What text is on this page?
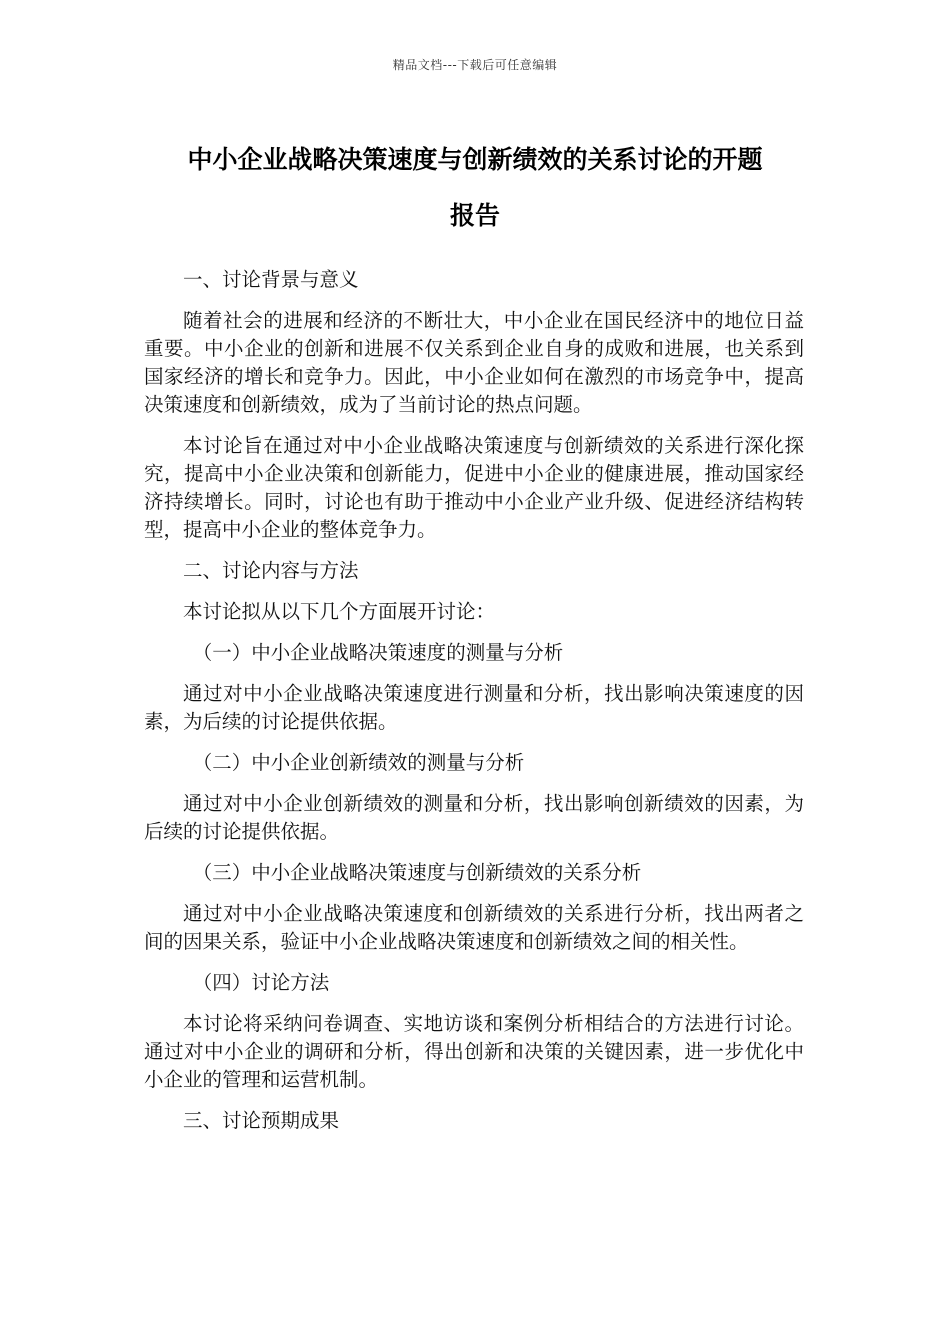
精品文档---下载后可任意编辑
中小企业战略决策速度与创新绩效的关系讨论的开题
报告

一、讨论背景与意义

随着社会的进展和经济的不断壮大，中小企业在国民经济中的地位日益重要。中小企业的创新和进展不仅关系到企业自身的成败和进展，也关系到国家经济的增长和竞争力。因此，中小企业如何在激烈的市场竞争中，提高决策速度和创新绩效，成为了当前讨论的热点问题。

本讨论旨在通过对中小企业战略决策速度与创新绩效的关系进行深化探究，提高中小企业决策和创新能力，促进中小企业的健康进展，推动国家经济持续增长。同时，讨论也有助于推动中小企业产业升级、促进经济结构转型，提高中小企业的整体竞争力。

二、讨论内容与方法

本讨论拟从以下几个方面展开讨论：

（一）中小企业战略决策速度的测量与分析

通过对中小企业战略决策速度进行测量和分析，找出影响决策速度的因素，为后续的讨论提供依据。

（二）中小企业创新绩效的测量与分析

通过对中小企业创新绩效的测量和分析，找出影响创新绩效的因素，为后续的讨论提供依据。

（三）中小企业战略决策速度与创新绩效的关系分析

通过对中小企业战略决策速度和创新绩效的关系进行分析，找出两者之间的因果关系，验证中小企业战略决策速度和创新绩效之间的相关性。

（四）讨论方法

本讨论将采纳问卷调查、实地访谈和案例分析相结合的方法进行讨论。通过对中小企业的调研和分析，得出创新和决策的关键因素，进一步优化中小企业的管理和运营机制。

三、讨论预期成果
